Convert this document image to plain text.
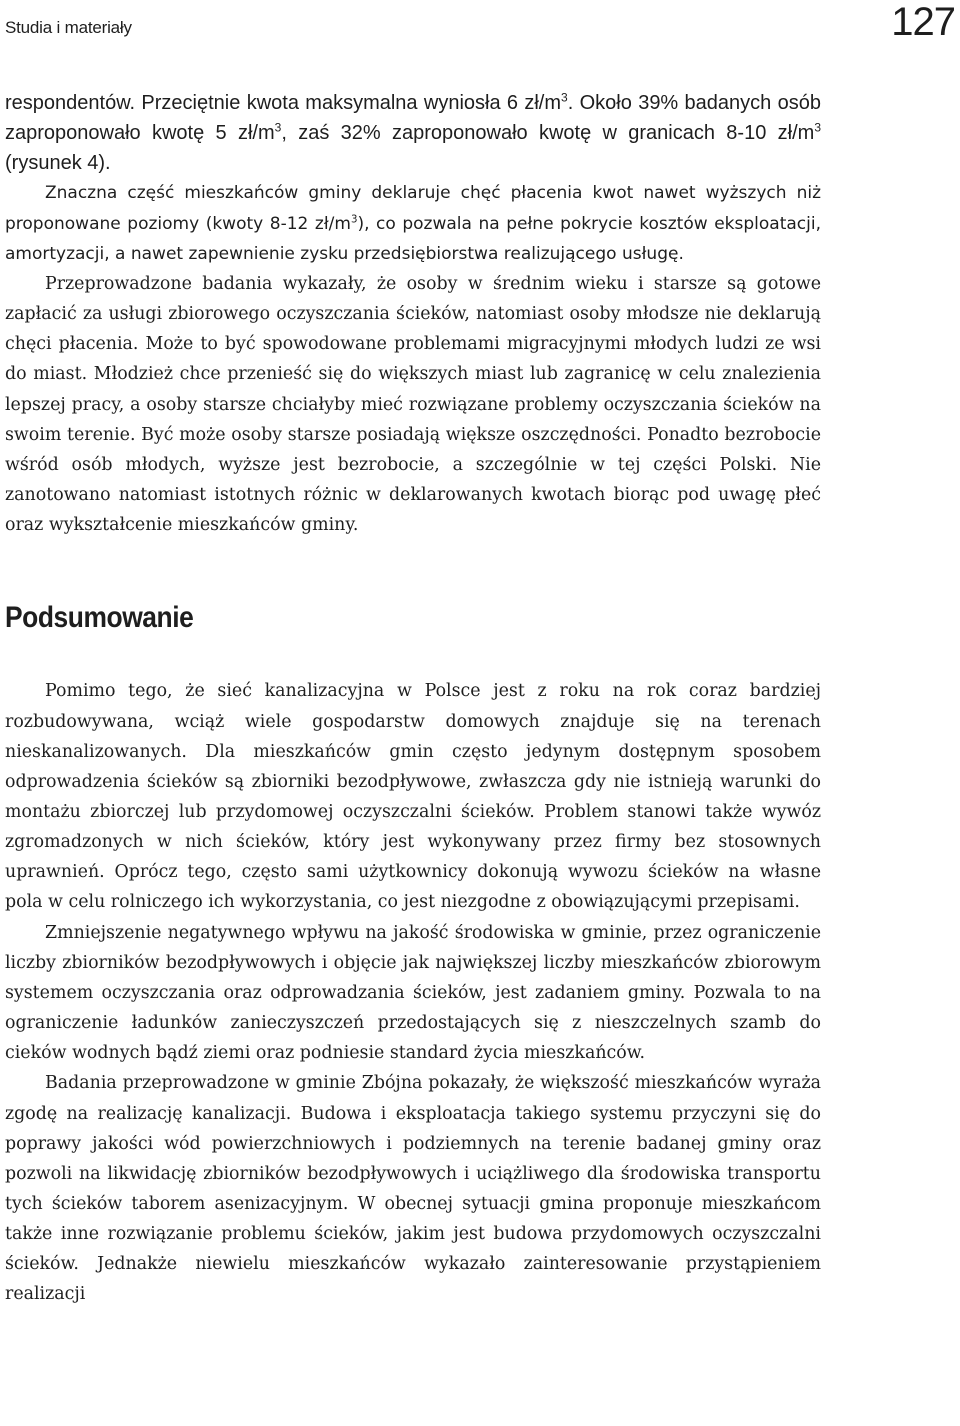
Studia i materiały	127

respondentów. Przeciętnie kwota maksymalna wyniosła 6 $zł/m^3$. Około 39% badanych osób zaproponowało kwotę 5 $zł/m^3$, zaś 32% zaproponowało kwotę w granicach 8-10 $zł/m^3$ (rysunek 4).

Znaczna część mieszkańców gminy deklaruje chęć płacenia kwot nawet wyższych niż proponowane poziomy (kwoty 8-12 $zł/m^3$), co pozwala na pełne pokrycie kosztów eksploatacji, amortyzacji, a nawet zapewnienie zysku przedsiębiorstwa realizującego usługę.

Przeprowadzone badania wykazały, że osoby w średnim wieku i starsze są gotowe zapłacić za usługi zbiorowego oczyszczania ścieków, natomiast osoby młodsze nie deklarują chęci płacenia. Może to być spowodowane problemami migracyjnymi młodych ludzi ze wsi do miast. Młodzież chce przenieść się do większych miast lub zagranicę w celu znalezienia lepszej pracy, a osoby starsze chciałyby mieć rozwiązane problemy oczyszczania ścieków na swoim terenie. Być może osoby starsze posiadają większe oszczędności. Ponadto bezrobocie wśród osób młodych, wyższe jest bezrobocie, a szczególnie w tej części Polski. Nie zanotowano natomiast istotnych różnic w deklarowanych kwotach biorąc pod uwagę płeć oraz wykształcenie mieszkańców gminy.

Podsumowanie

Pomimo tego, że sieć kanalizacyjna w Polsce jest z roku na rok coraz bardziej rozbudowywana, wciąż wiele gospodarstw domowych znajduje się na terenach nieskanalizowanych. Dla mieszkańców gmin często jedynym dostępnym sposobem odprowadzenia ścieków są zbiorniki bezodpływowe, zwłaszcza gdy nie istnieją warunki do montażu zbiorczej lub przydomowej oczyszczalni ścieków. Problem stanowi także wywóz zgromadzonych w nich ścieków, który jest wykonywany przez firmy bez stosownych uprawnień. Oprócz tego, często sami użytkownicy dokonują wywozu ścieków na własne pola w celu rolniczego ich wykorzystania, co jest niezgodne z obowiązującymi przepisami.

Zmniejszenie negatywnego wpływu na jakość środowiska w gminie, przez ograniczenie liczby zbiorników bezodpływowych i objęcie jak największej liczby mieszkańców zbiorowym systemem oczyszczania oraz odprowadzania ścieków, jest zadaniem gminy. Pozwala to na ograniczenie ładunków zanieczyszczeń przedostających się z nieszczelnych szamb do cieków wodnych bądź ziemi oraz podniesie standard życia mieszkańców.

Badania przeprowadzone w gminie Zbójna pokazały, że większość mieszkańców wyraża zgodę na realizację kanalizacji. Budowa i eksploatacja takiego systemu przyczyni się do poprawy jakości wód powierzchniowych i podziemnych na terenie badanej gminy oraz pozwoli na likwidację zbiorników bezodpływowych i uciążliwego dla środowiska transportu tych ścieków taborem asenizacyjnym. W obecnej sytuacji gmina proponuje mieszkańcom także inne rozwiązanie problemu ścieków, jakim jest budowa przydomowych oczyszczalni ścieków. Jednakże niewielu mieszkańców wykazało zainteresowanie przystąpieniem realizacji
